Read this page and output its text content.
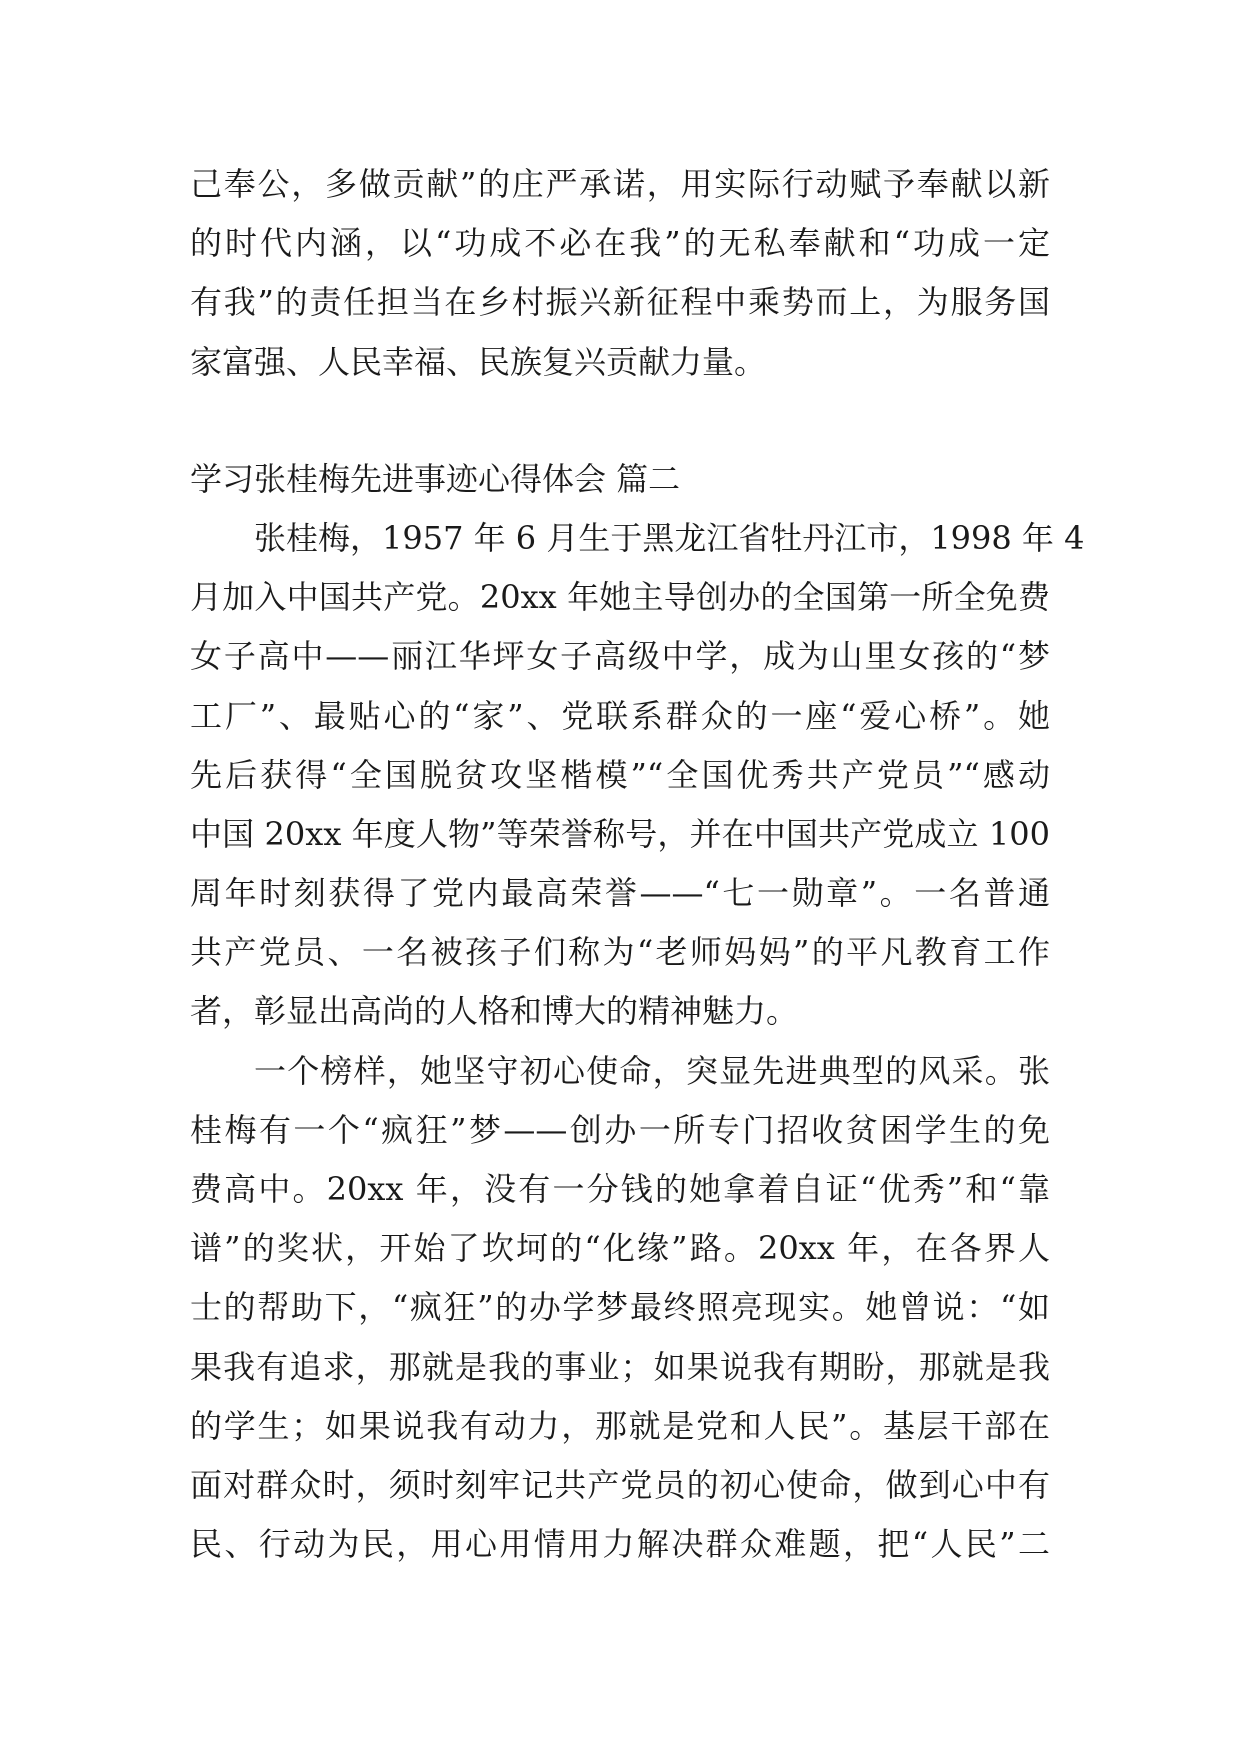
己奉公，多做贡献”的庄严承诺，用实际行动赋予奉献以新
的时代内涵，以“功成不必在我”的无私奉献和“功成一定
有我”的责任担当在乡村振兴新征程中乘势而上，为服务国
家富强、人民幸福、民族复兴贡献力量。
学习张桂梅先进事迹心得体会 篇二
张桂梅，1957 年 6 月生于黑龙江省牡丹江市，1998 年 4
月加入中国共产党。20xx 年她主导创办的全国第一所全免费
女子高中——丽江华坪女子高级中学，成为山里女孩的“梦
工厂”、最贴心的“家”、党联系群众的一座“爱心桥”。她
先后获得“全国脱贫攻坚楷模”“全国优秀共产党员”“感动
中国 20xx 年度人物”等荣誉称号，并在中国共产党成立 100
周年时刻获得了党内最高荣誉——“七一勋章”。一名普通
共产党员、一名被孩子们称为“老师妈妈”的平凡教育工作
者，彰显出高尚的人格和博大的精神魅力。
一个榜样，她坚守初心使命，突显先进典型的风采。张
桂梅有一个“疯狂”梦——创办一所专门招收贫困学生的免
费高中。20xx 年，没有一分钱的她拿着自证“优秀”和“靠
谱”的奖状，开始了坎坷的“化缘”路。20xx 年，在各界人
士的帮助下，“疯狂”的办学梦最终照亮现实。她曾说：“如
果我有追求，那就是我的事业；如果说我有期盼，那就是我
的学生；如果说我有动力，那就是党和人民”。基层干部在
面对群众时，须时刻牢记共产党员的初心使命，做到心中有
民、行动为民，用心用情用力解决群众难题，把“人民”二
